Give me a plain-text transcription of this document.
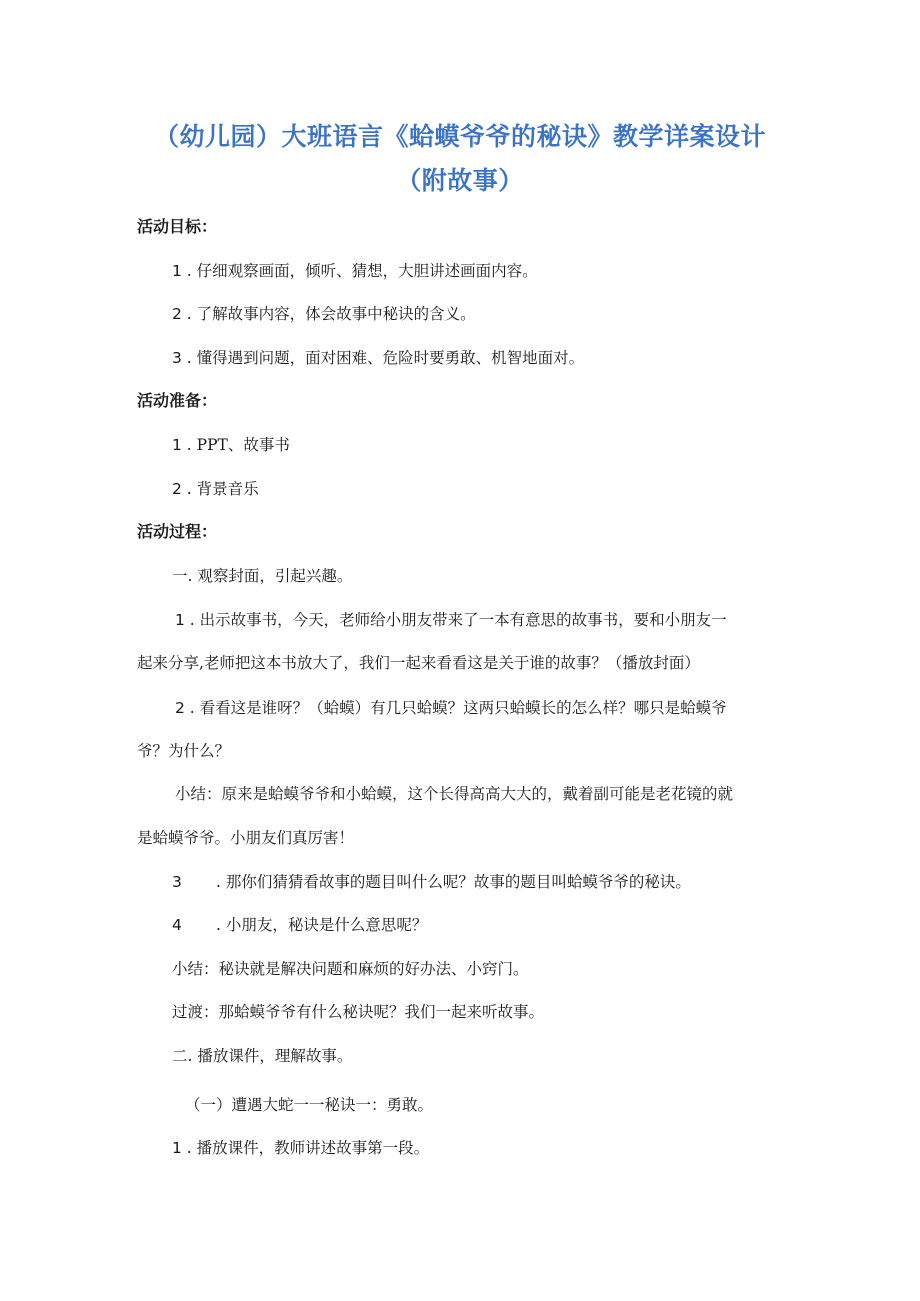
（幼儿园）大班语言《蛤蟆爷爷的秘诀》教学详案设计
（附故事）
活动目标：
1 . 仔细观察画面，倾听、猜想，大胆讲述画面内容。
2 . 了解故事内容，体会故事中秘诀的含义。
3 . 懂得遇到问题，面对困难、危险时要勇敢、机智地面对。
活动准备：
1 . PPT、故事书
2 . 背景音乐
活动过程：
一. 观察封面，引起兴趣。
1 . 出示故事书，今天，老师给小朋友带来了一本有意思的故事书，要和小朋友一
起来分享,老师把这本书放大了，我们一起来看看这是关于谁的故事？（播放封面）
2 . 看看这是谁呀？（蛤蟆）有几只蛤蟆？这两只蛤蟆长的怎么样？哪只是蛤蟆爷
爷？为什么？
小结：原来是蛤蟆爷爷和小蛤蟆，这个长得高高大大的，戴着副可能是老花镜的就
是蛤蟆爷爷。小朋友们真厉害！
3 . 那你们猜猜看故事的题目叫什么呢？故事的题目叫蛤蟆爷爷的秘诀。
4 . 小朋友，秘诀是什么意思呢？
小结：秘诀就是解决问题和麻烦的好办法、小窍门。
过渡：那蛤蟆爷爷有什么秘诀呢？我们一起来听故事。
二. 播放课件，理解故事。
（一）遭遇大蛇一一秘诀一：勇敢。
1 . 播放课件，教师讲述故事第一段。
